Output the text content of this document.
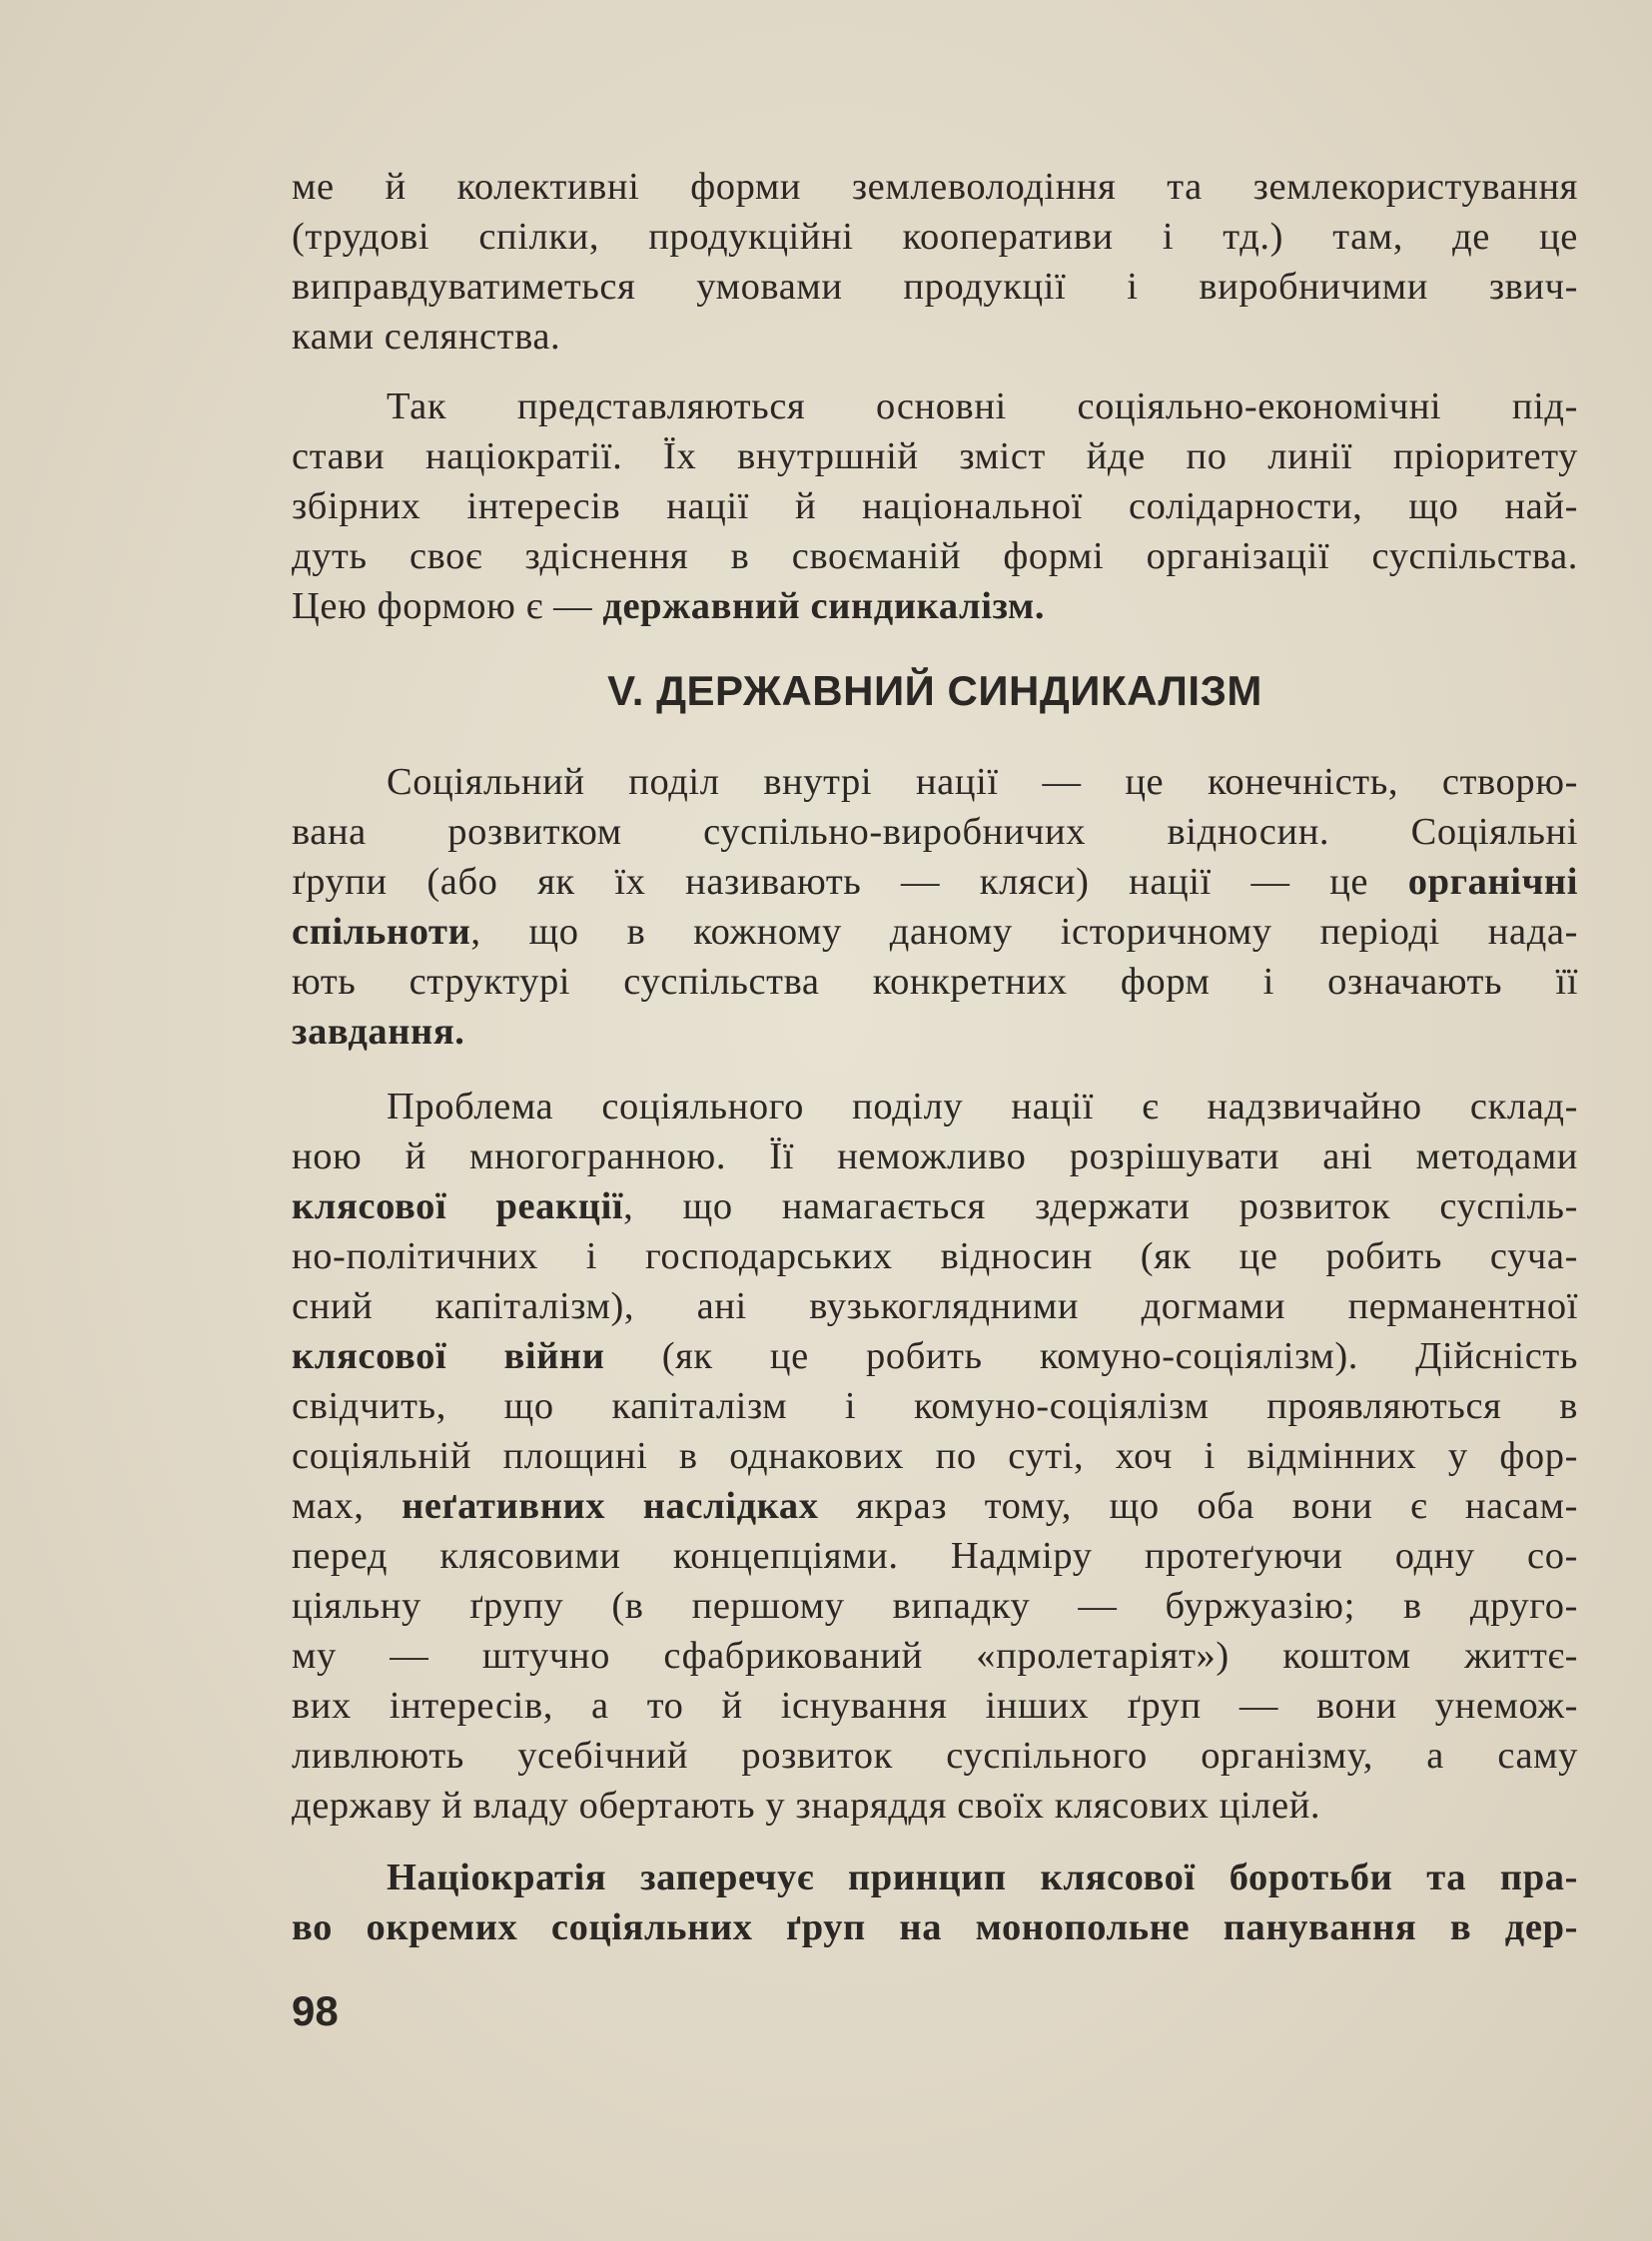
ме й колективні форми землеволодіння та землекористування
(трудові спілки, продукційні кооперативи і тд.) там, де це
виправдуватиметься умовами продукції і виробничими звич-
ками селянства.

Так представляються основні соціяльно-економічні під-
стави націократії. Їх внутршній зміст йде по линії пріоритету
збірних інтересів нації й національної солідарности, що най-
дуть своє здіснення в своєманій формі організації суспільства.
Цею формою є — державний синдикалізм.

V. ДЕРЖАВНИЙ СИНДИКАЛІЗМ

Соціяльний поділ внутрі нації — це конечність, створю-
вана розвитком суспільно-виробничих відносин. Соціяльні
ґрупи (або як їх називають — кляси) нації — це органічні
спільноти, що в кожному даному історичному періоді нада-
ють структурі суспільства конкретних форм і означають її
завдання.

Проблема соціяльного поділу нації є надзвичайно склад-
ною й многогранною. Її неможливо розрішувати ані методами
клясової реакції, що намагається здержати розвиток суспіль-
но-політичних і господарських відносин (як це робить суча-
сний капіталізм), ані вузькоглядними догмами перманентної
клясової війни (як це робить комуно-соціялізм). Дійсність
свідчить, що капіталізм і комуно-соціялізм проявляються в
соціяльній площині в однакових по суті, хоч і відмінних у фор-
мах, неґативних наслідках якраз тому, що оба вони є насам-
перед клясовими концепціями. Надміру протеґуючи одну со-
ціяльну ґрупу (в першому випадку — буржуазію; в друго-
му — штучно сфабрикований «пролетаріят») коштом життє-
вих інтересів, а то й існування інших ґруп — вони унемож-
ливлюють усебічний розвиток суспільного організму, а саму
державу й владу обертають у знаряддя своїх клясових цілей.

Націократія заперечує принцип клясової боротьби та пра-
во окремих соціяльних ґруп на монопольне панування в дер-

98
